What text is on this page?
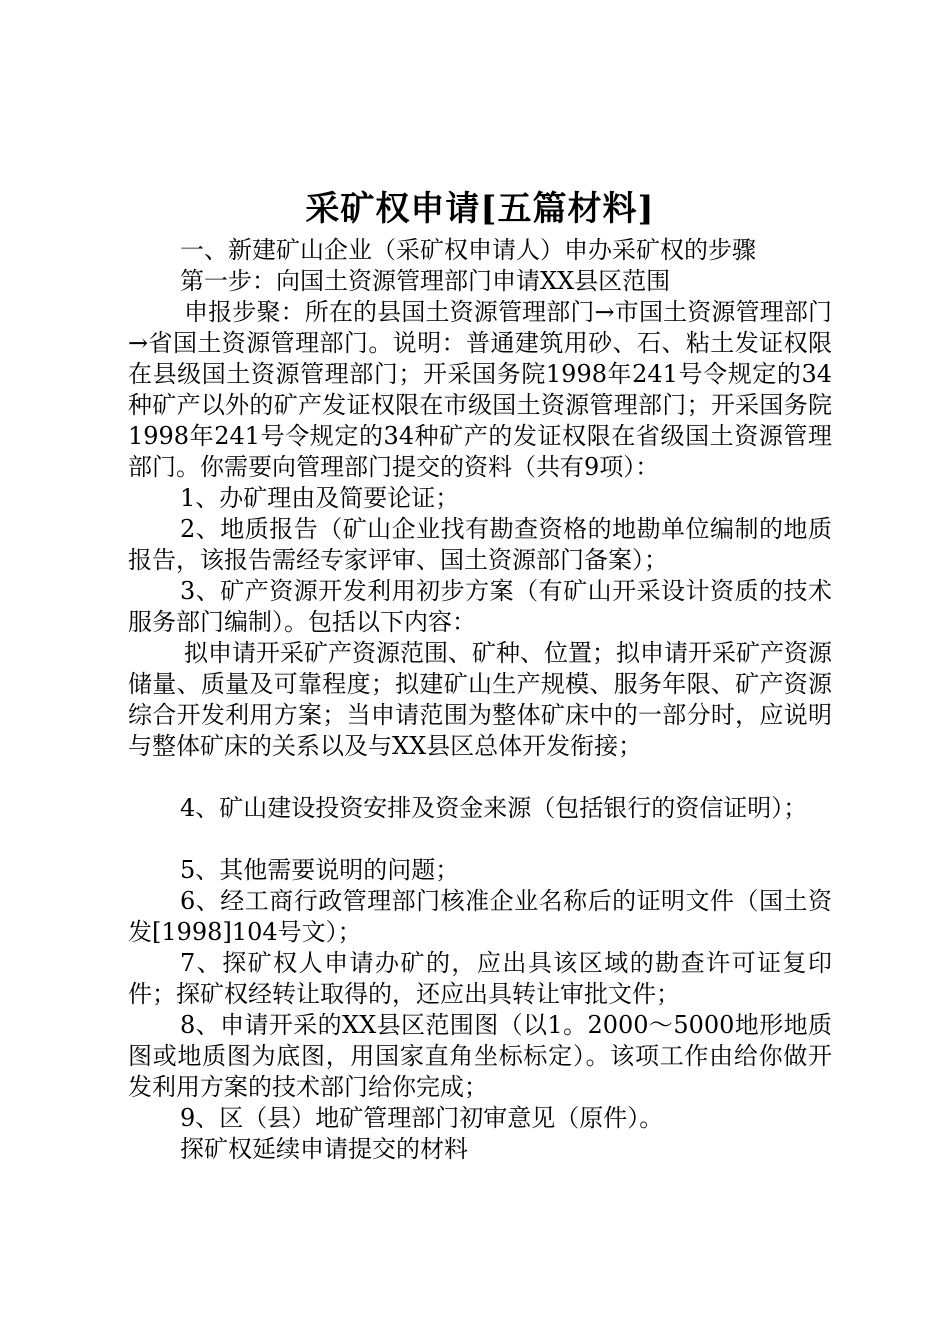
采矿权申请[五篇材料]

一、新建矿山企业（采矿权申请人）申办采矿权的步骤

第一步：向国土资源管理部门申请XX县区范围

申报步聚：所在的县国土资源管理部门→市国土资源管理部门→省国土资源管理部门。说明：普通建筑用砂、石、粘土发证权限在县级国土资源管理部门；开采国务院1998年241号令规定的34种矿产以外的矿产发证权限在市级国土资源管理部门；开采国务院1998年241号令规定的34种矿产的发证权限在省级国土资源管理部门。你需要向管理部门提交的资料（共有9项）：

1、办矿理由及简要论证；

2、地质报告（矿山企业找有勘查资格的地勘单位编制的地质报告，该报告需经专家评审、国土资源部门备案）；

3、矿产资源开发利用初步方案（有矿山开采设计资质的技术服务部门编制）。包括以下内容：

拟申请开采矿产资源范围、矿种、位置；拟申请开采矿产资源储量、质量及可靠程度；拟建矿山生产规模、服务年限、矿产资源综合开发利用方案；当申请范围为整体矿床中的一部分时，应说明与整体矿床的关系以及与XX县区总体开发衔接；

4、矿山建设投资安排及资金来源（包括银行的资信证明）；

5、其他需要说明的问题；

6、经工商行政管理部门核准企业名称后的证明文件（国土资发[1998]104号文）；

7、探矿权人申请办矿的，应出具该区域的勘查许可证复印件；探矿权经转让取得的，还应出具转让审批文件；

8、申请开采的XX县区范围图（以1。2000～5000地形地质图或地质图为底图，用国家直角坐标标定）。该项工作由给你做开发利用方案的技术部门给你完成；

9、区（县）地矿管理部门初审意见（原件）。

探矿权延续申请提交的材料
